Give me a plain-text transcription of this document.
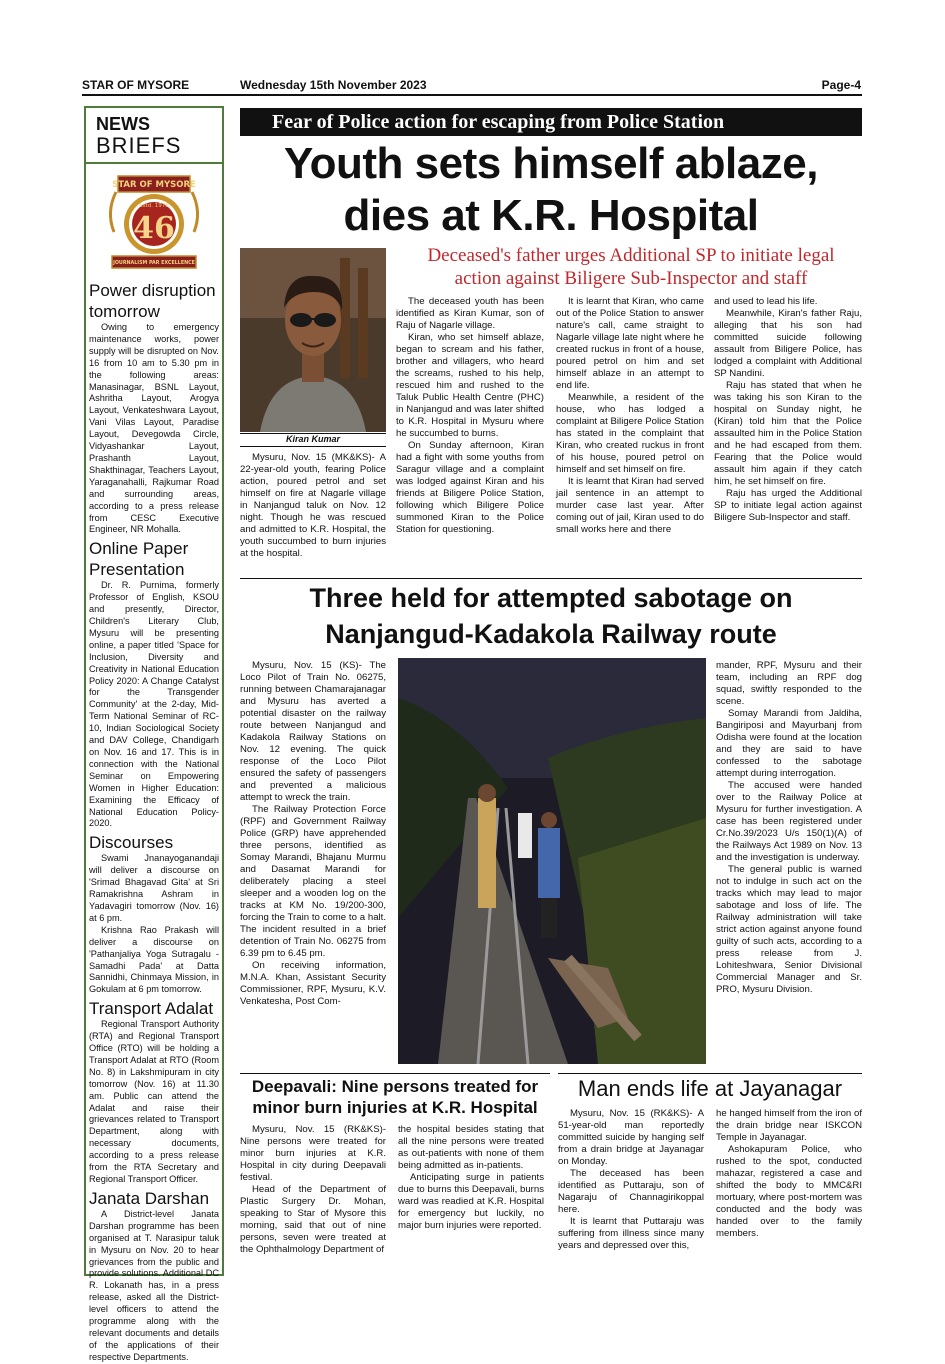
STAR OF MYSORE	Wednesday 15th November 2023	Page-4
NEWS
BRIEFS
STAR OF MYSORE
Estd. 1978
46
JOURNALISM PAR EXCELLENCE
Power disruption tomorrow

Owing to emergency maintenance works, power supply will be disrupted on Nov. 16 from 10 am to 5.30 pm in the following areas: Manasinagar, BSNL Layout, Ashritha Layout, Arogya Layout, Venkateshwara Layout, Vani Vilas Layout, Paradise Layout, Devegowda Circle, Vidyashankar Layout, Prashanth Layout, Shakthinagar, Teachers Layout, Yaraganahalli, Rajkumar Road and surrounding areas, according to a press release from CESC Executive Engineer, NR Mohalla.

Online Paper Presentation

Dr. R. Purnima, formerly Professor of English, KSOU and presently, Director, Children's Literary Club, Mysuru will be presenting online, a paper titled 'Space for Inclusion, Diversity and Creativity in National Education Policy 2020: A Change Catalyst for the Transgender Community' at the 2-day, Mid-Term National Seminar of RC-10, Indian Sociological Society and DAV College, Chandigarh on Nov. 16 and 17. This is in connection with the National Seminar on Empowering Women in Higher Education: Examining the Efficacy of National Education Policy-2020.

Discourses

Swami Jnanayoganandaji will deliver a discourse on 'Srimad Bhagavad Gita' at Sri Ramakrishna Ashram in Yadavagiri tomorrow (Nov. 16) at 6 pm.

Krishna Rao Prakash will deliver a discourse on 'Pathanjaliya Yoga Sutragalu - Samadhi Pada' at Datta Sannidhi, Chinmaya Mission, in Gokulam at 6 pm tomorrow.

Transport Adalat

Regional Transport Authority (RTA) and Regional Transport Office (RTO) will be holding a Transport Adalat at RTO (Room No. 8) in Lakshmipuram in city tomorrow (Nov. 16) at 11.30 am. Public can attend the Adalat and raise their grievances related to Transport Department, along with necessary documents, according to a press release from the RTA Secretary and Regional Transport Officer.

Janata Darshan

A District-level Janata Darshan programme has been organised at T. Narasipur taluk in Mysuru on Nov. 20 to hear grievances from the public and provide solutions. Additional DC R. Lokanath has, in a press release, asked all the District-level officers to attend the programme along with the relevant documents and details of the applications of their respective Departments.

Fear of Police action for escaping from Police Station
Youth sets himself ablaze,
dies at K.R. Hospital
Deceased's father urges Additional SP to initiate legal
action against Biligere Sub-Inspector and staff
Kiran Kumar

Mysuru, Nov. 15 (MK&KS)- A 22-year-old youth, fearing Police action, poured petrol and set himself on fire at Nagarle village in Nanjangud taluk on Nov. 12 night. Though he was rescued and admitted to K.R. Hospital, the youth succumbed to burn injuries at the hospital.

The deceased youth has been identified as Kiran Kumar, son of Raju of Nagarle village.

Kiran, who set himself ablaze, began to scream and his father, brother and villagers, who heard the screams, rushed to his help, rescued him and rushed to the Taluk Public Health Centre (PHC) in Nanjangud and was later shifted to K.R. Hospital in Mysuru where he succumbed to burns.

On Sunday afternoon, Kiran had a fight with some youths from Saragur village and a complaint was lodged against Kiran and his friends at Biligere Police Station, following which Biligere Police summoned Kiran to the Police Station for questioning.

It is learnt that Kiran, who came out of the Police Station to answer nature's call, came straight to Nagarle village late night where he created ruckus in front of a house, poured petrol on him and set himself ablaze in an attempt to end life.

Meanwhile, a resident of the house, who has lodged a complaint at Biligere Police Station has stated in the complaint that Kiran, who created ruckus in front of his house, poured petrol on himself and set himself on fire.

It is learnt that Kiran had served jail sentence in an attempt to murder case last year. After coming out of jail, Kiran used to do small works here and there

and used to lead his life.

Meanwhile, Kiran's father Raju, alleging that his son had committed suicide following assault from Biligere Police, has lodged a complaint with Additional SP Nandini.

Raju has stated that when he was taking his son Kiran to the hospital on Sunday night, he (Kiran) told him that the Police assaulted him in the Police Station and he had escaped from them. Fearing that the Police would assault him again if they catch him, he set himself on fire.

Raju has urged the Additional SP to initiate legal action against Biligere Sub-Inspector and staff.

Three held for attempted sabotage on
Nanjangud-Kadakola Railway route

Mysuru, Nov. 15 (KS)- The Loco Pilot of Train No. 06275, running between Chamarajanagar and Mysuru has averted a potential disaster on the railway route between Nanjangud and Kadakola Railway Stations on Nov. 12 evening. The quick response of the Loco Pilot ensured the safety of passengers and prevented a malicious attempt to wreck the train.

The Railway Protection Force (RPF) and Government Railway Police (GRP) have apprehended three persons, identified as Somay Marandi, Bhajanu Murmu and Dasamat Marandi for deliberately placing a steel sleeper and a wooden log on the tracks at KM No. 19/200-300, forcing the Train to come to a halt. The incident resulted in a brief detention of Train No. 06275 from 6.39 pm to 6.45 pm.

On receiving information, M.N.A. Khan, Assistant Security Commissioner, RPF, Mysuru, K.V. Venkatesha, Post Com-

mander, RPF, Mysuru and their team, including an RPF dog squad, swiftly responded to the scene.

Somay Marandi from Jaldiha, Bangiriposi and Mayurbanj from Odisha were found at the location and they are said to have confessed to the sabotage attempt during interrogation.

The accused were handed over to the Railway Police at Mysuru for further investigation. A case has been registered under Cr.No.39/2023 U/s 150(1)(A) of the Railways Act 1989 on Nov. 13 and the investigation is underway.

The general public is warned not to indulge in such act on the tracks which may lead to major sabotage and loss of life. The Railway administration will take strict action against anyone found guilty of such acts, according to a press release from J. Lohiteshwara, Senior Divisional Commercial Manager and Sr. PRO, Mysuru Division.

Deepavali: Nine persons treated for
minor burn injuries at K.R. Hospital

Mysuru, Nov. 15 (RK&KS)- Nine persons were treated for minor burn injuries at K.R. Hospital in city during Deepavali festival.

Head of the Department of Plastic Surgery Dr. Mohan, speaking to Star of Mysore this morning, said that out of nine persons, seven were treated at the Ophthalmology Department of

the hospital besides stating that all the nine persons were treated as out-patients with none of them being admitted as in-patients.

Anticipating surge in patients due to burns this Deepavali, burns ward was readied at K.R. Hospital for emergency but luckily, no major burn injuries were reported.

Man ends life at Jayanagar

Mysuru, Nov. 15 (RK&KS)- A 51-year-old man reportedly committed suicide by hanging self from a drain bridge at Jayanagar on Monday.

The deceased has been identified as Puttaraju, son of Nagaraju of Channagirikoppal here.

It is learnt that Puttaraju was suffering from illness since many years and depressed over this,

he hanged himself from the iron of the drain bridge near ISKCON Temple in Jayanagar.

Ashokapuram Police, who rushed to the spot, conducted mahazar, registered a case and shifted the body to MMC&RI mortuary, where post-mortem was conducted and the body was handed over to the family members.
